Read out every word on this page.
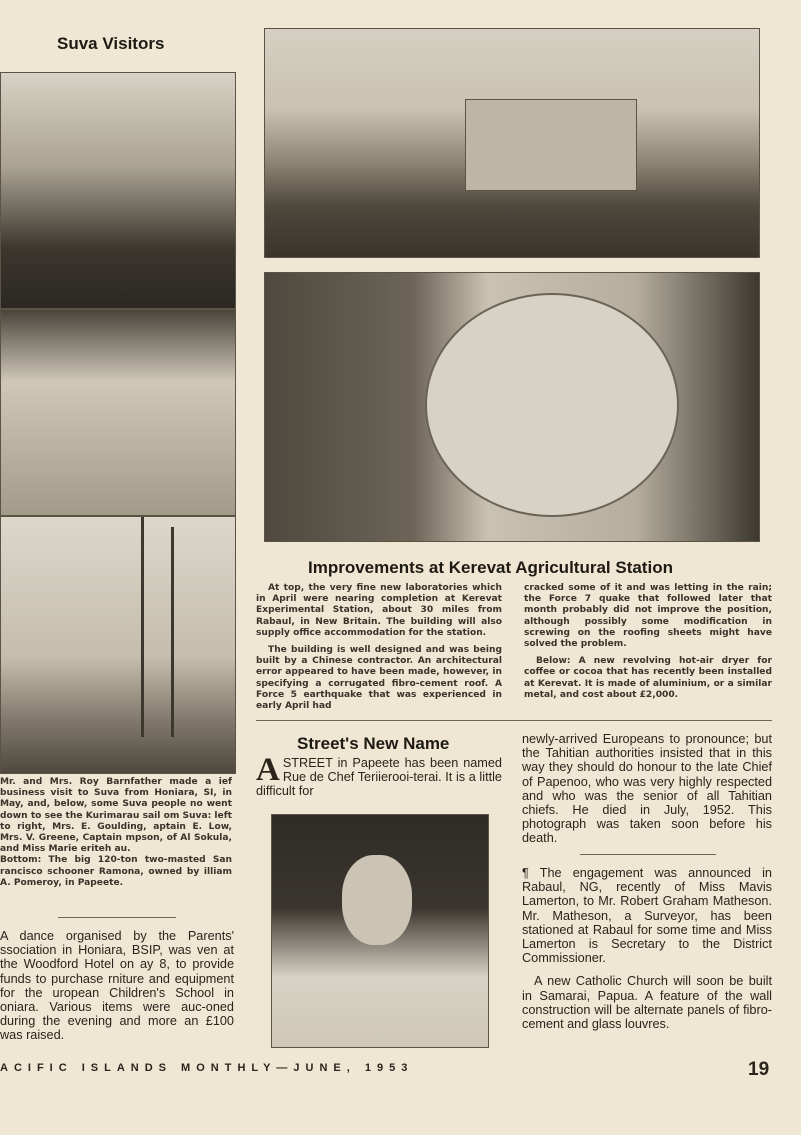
Suva Visitors
Improvements at Kerevat Agricultural Station

At top, the very fine new laboratories which in April were nearing completion at Kerevat Experimental Station, about 30 miles from Rabaul, in New Britain. The building will also supply office accommodation for the station.

The building is well designed and was being built by a Chinese contractor. An architectural error appeared to have been made, however, in specifying a corrugated fibro-cement roof. A Force 5 earthquake that was experienced in early April had

cracked some of it and was letting in the rain; the Force 7 quake that followed later that month probably did not improve the position, although possibly some modification in screwing on the roofing sheets might have solved the problem.

Below: A new revolving hot-air dryer for coffee or cocoa that has recently been installed at Kerevat. It is made of aluminium, or a similar metal, and cost about £2,000.

Mr. and Mrs. Roy Barnfather made a ief business visit to Suva from Honiara, SI, in May, and, below, some Suva people no went down to see the Kurimarau sail om Suva: left to right, Mrs. E. Goulding, aptain E. Low, Mrs. V. Greene, Captain mpson, of Al Sokula, and Miss Marie eriteh au.

Bottom: The big 120-ton two-masted San rancisco schooner Ramona, owned by illiam A. Pomeroy, in Papeete.

A dance organised by the Parents' ssociation in Honiara, BSIP, was ven at the Woodford Hotel on ay 8, to provide funds to purchase rniture and equipment for the uropean Children's School in oniara. Various items were auc-oned during the evening and more an £100 was raised.

Street's New Name
A STREET in Papeete has been named Rue de Chef Teriierooi-terai. It is a little difficult for

newly-arrived Europeans to pronounce; but the Tahitian authorities insisted that in this way they should do honour to the late Chief of Papenoo, who was very highly respected and who was the senior of all Tahitian chiefs. He died in July, 1952. This photograph was taken soon before his death.

¶ The engagement was announced in Rabaul, NG, recently of Miss Mavis Lamerton, to Mr. Robert Graham Matheson. Mr. Matheson, a Surveyor, has been stationed at Rabaul for some time and Miss Lamerton is Secretary to the District Commissioner.

A new Catholic Church will soon be built in Samarai, Papua. A feature of the wall construction will be alternate panels of fibro-cement and glass louvres.

ACIFIC ISLANDS MONTHLY—JUNE, 1953	19
